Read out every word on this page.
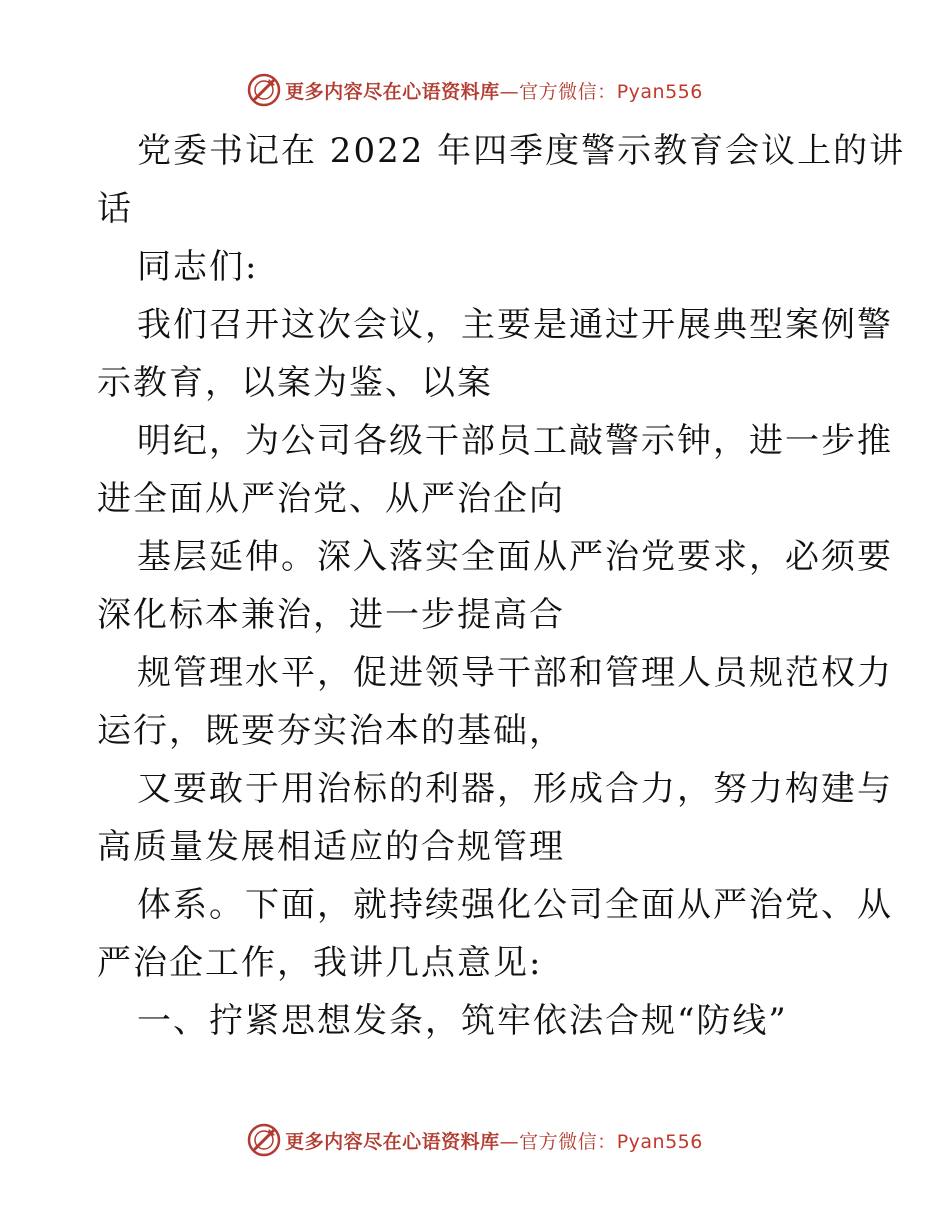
更多内容尽在心语资料库—官方微信：Pyan556
党委书记在 2022 年四季度警示教育会议上的讲
话
同志们:
我们召开这次会议，主要是通过开展典型案例警
示教育，以案为鉴、以案
明纪，为公司各级干部员工敲警示钟，进一步推
进全面从严治党、从严治企向
基层延伸。深入落实全面从严治党要求，必须要
深化标本兼治，进一步提高合
规管理水平，促进领导干部和管理人员规范权力
运行，既要夯实治本的基础，
又要敢于用治标的利器，形成合力，努力构建与
高质量发展相适应的合规管理
体系。下面，就持续强化公司全面从严治党、从
严治企工作，我讲几点意见:
一、拧紧思想发条，筑牢依法合规“防线”
更多内容尽在心语资料库—官方微信：Pyan556
